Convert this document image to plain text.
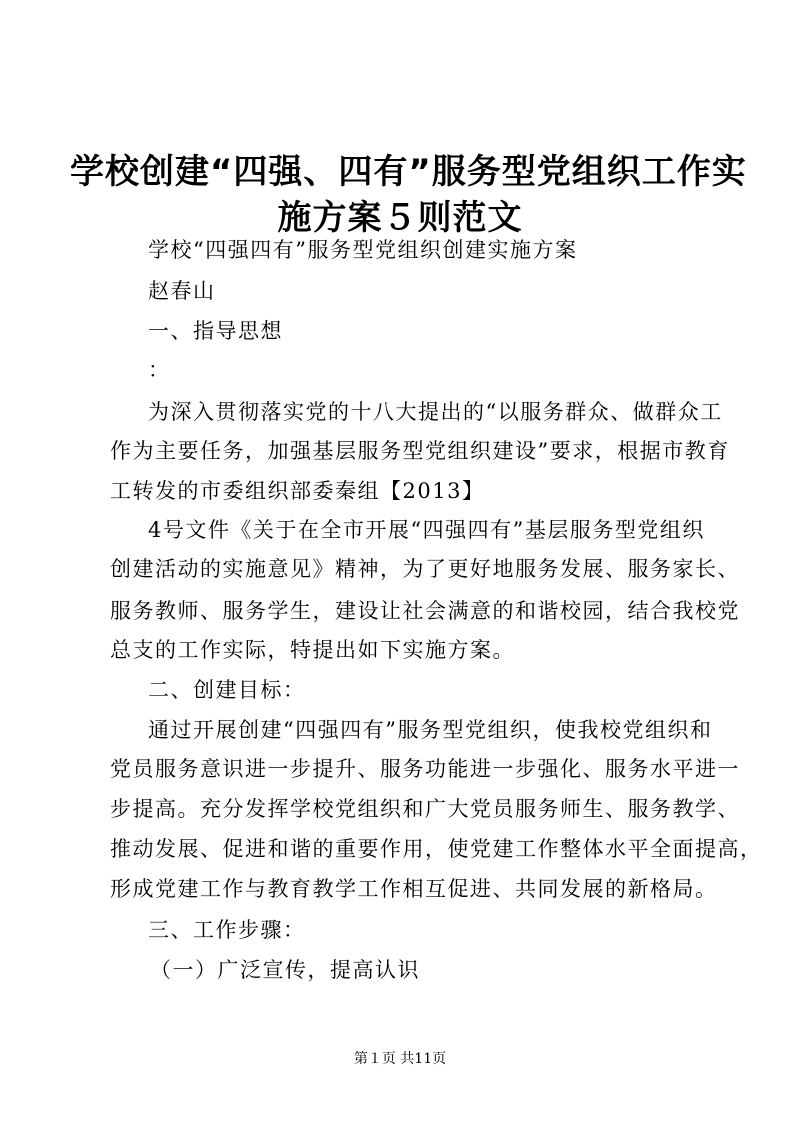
学校创建“四强、四有”服务型党组织工作实
施方案５则范文

学校“四强四有”服务型党组织创建实施方案

赵春山

一、指导思想

：

为深入贯彻落实党的十八大提出的“以服务群众、做群众工

作为主要任务，加强基层服务型党组织建设”要求，根据市教育

工转发的市委组织部委秦组【2013】

4号文件《关于在全市开展“四强四有”基层服务型党组织

创建活动的实施意见》精神，为了更好地服务发展、服务家长、

服务教师、服务学生，建设让社会满意的和谐校园，结合我校党

总支的工作实际，特提出如下实施方案。

二、创建目标：

通过开展创建“四强四有”服务型党组织，使我校党组织和

党员服务意识进一步提升、服务功能进一步强化、服务水平进一

步提高。充分发挥学校党组织和广大党员服务师生、服务教学、

推动发展、促进和谐的重要作用，使党建工作整体水平全面提高，

形成党建工作与教育教学工作相互促进、共同发展的新格局。

三、工作步骤：

（一）广泛宣传，提高认识

第１页 共11页
